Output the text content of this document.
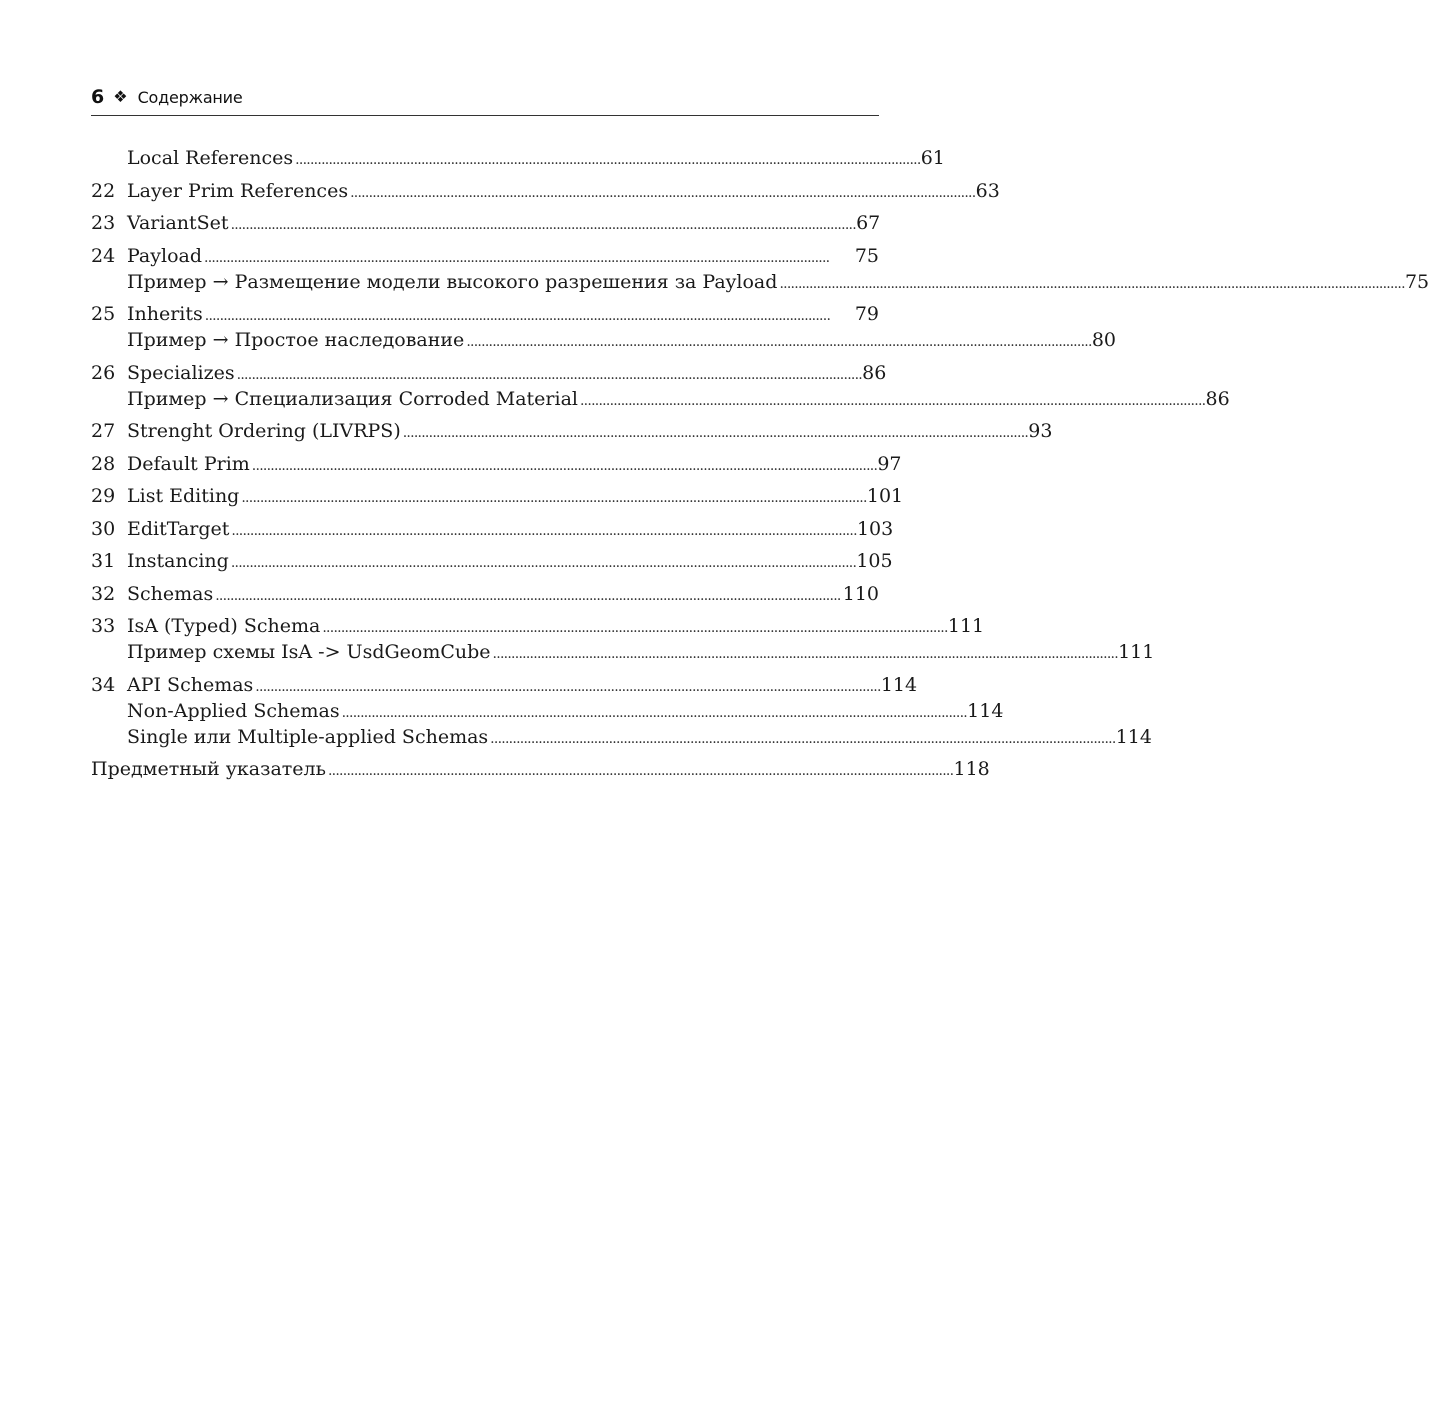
6 ❖ Содержание
Local References . . .	61
22 Layer Prim References . . .	63
23 VariantSet . . .	67
24 Payload . . .	75
Пример → Размещение модели высокого разрешения за Payload . . .	75
25 Inherits . . .	79
Пример → Простое наследование . . .	80
26 Specializes . . .	86
Пример → Специализация Corroded Material . . .	86
27 Strenght Ordering (LIVRPS) . . .	93
28 Default Prim . . .	97
29 List Editing . . .	101
30 EditTarget . . .	103
31 Instancing . . .	105
32 Schemas . . .	110
33 IsA (Typed) Schema . . .	111
Пример схемы IsA -> UsdGeomCube . . .	111
34 API Schemas . . .	114
Non-Applied Schemas . . .	114
Single или Multiple-applied Schemas . . .	114
Предметный указатель . . .	118
